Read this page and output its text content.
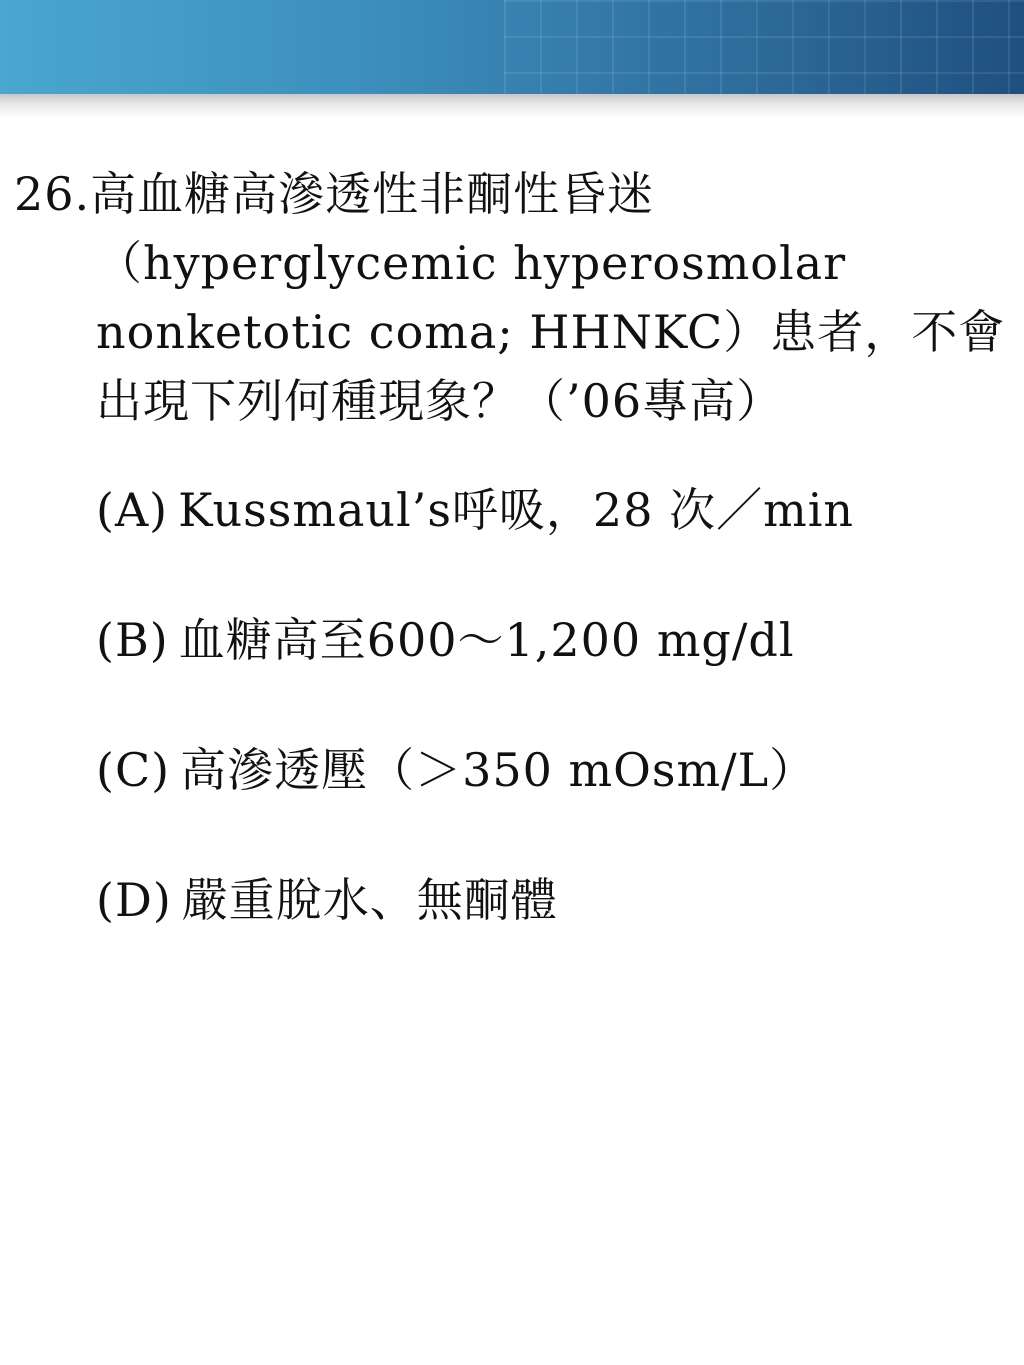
26.高血糖高滲透性非酮性昏迷
（hyperglycemic hyperosmolar
nonketotic coma; HHNKC）患者，不會
出現下列何種現象？（’06專高）
(A) Kussmaul’s呼吸，28 次／min
(B) 血糖高至600～1,200 mg/dl
(C) 高滲透壓（＞350 mOsm/L）
(D) 嚴重脫水、無酮體
